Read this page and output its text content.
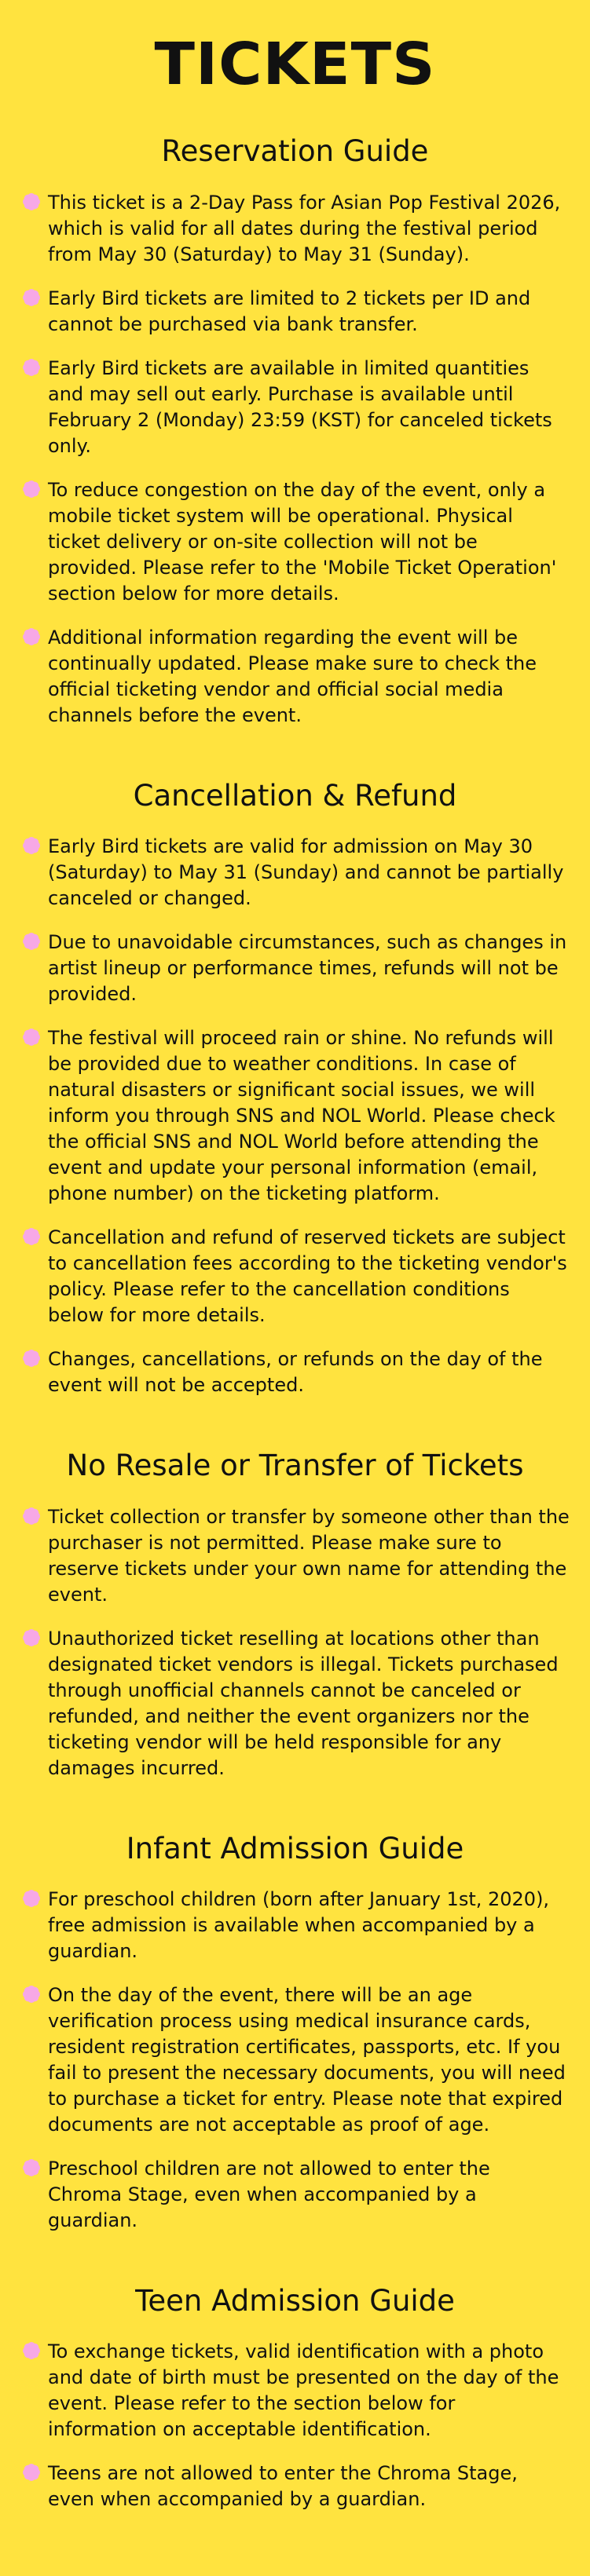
TICKETS
Reservation Guide
This ticket is a 2-Day Pass for Asian Pop Festival 2026, which is valid for all dates during the festival period from May 30 (Saturday) to May 31 (Sunday).
Early Bird tickets are limited to 2 tickets per ID and cannot be purchased via bank transfer.
Early Bird tickets are available in limited quantities and may sell out early. Purchase is available until February 2 (Monday) 23:59 (KST) for canceled tickets only.
To reduce congestion on the day of the event, only a mobile ticket system will be operational. Physical ticket delivery or on-site collection will not be provided. Please refer to the 'Mobile Ticket Operation' section below for more details.
Additional information regarding the event will be continually updated. Please make sure to check the official ticketing vendor and official social media channels before the event.
Cancellation & Refund
Early Bird tickets are valid for admission on May 30 (Saturday) to May 31 (Sunday) and cannot be partially canceled or changed.
Due to unavoidable circumstances, such as changes in artist lineup or performance times, refunds will not be provided.
The festival will proceed rain or shine. No refunds will be provided due to weather conditions. In case of natural disasters or significant social issues, we will inform you through SNS and NOL World. Please check the official SNS and NOL World before attending the event and update your personal information (email, phone number) on the ticketing platform.
Cancellation and refund of reserved tickets are subject to cancellation fees according to the ticketing vendor's policy. Please refer to the cancellation conditions below for more details.
Changes, cancellations, or refunds on the day of the event will not be accepted.
No Resale or Transfer of Tickets
Ticket collection or transfer by someone other than the purchaser is not permitted. Please make sure to reserve tickets under your own name for attending the event.
Unauthorized ticket reselling at locations other than designated ticket vendors is illegal. Tickets purchased through unofficial channels cannot be canceled or refunded, and neither the event organizers nor the ticketing vendor will be held responsible for any damages incurred.
Infant Admission Guide
For preschool children (born after January 1st, 2020), free admission is available when accompanied by a guardian.
On the day of the event, there will be an age verification process using medical insurance cards, resident registration certificates, passports, etc. If you fail to present the necessary documents, you will need to purchase a ticket for entry. Please note that expired documents are not acceptable as proof of age.
Preschool children are not allowed to enter the Chroma Stage, even when accompanied by a guardian.
Teen Admission Guide
To exchange tickets, valid identification with a photo and date of birth must be presented on the day of the event. Please refer to the section below for information on acceptable identification.
Teens are not allowed to enter the Chroma Stage, even when accompanied by a guardian.
